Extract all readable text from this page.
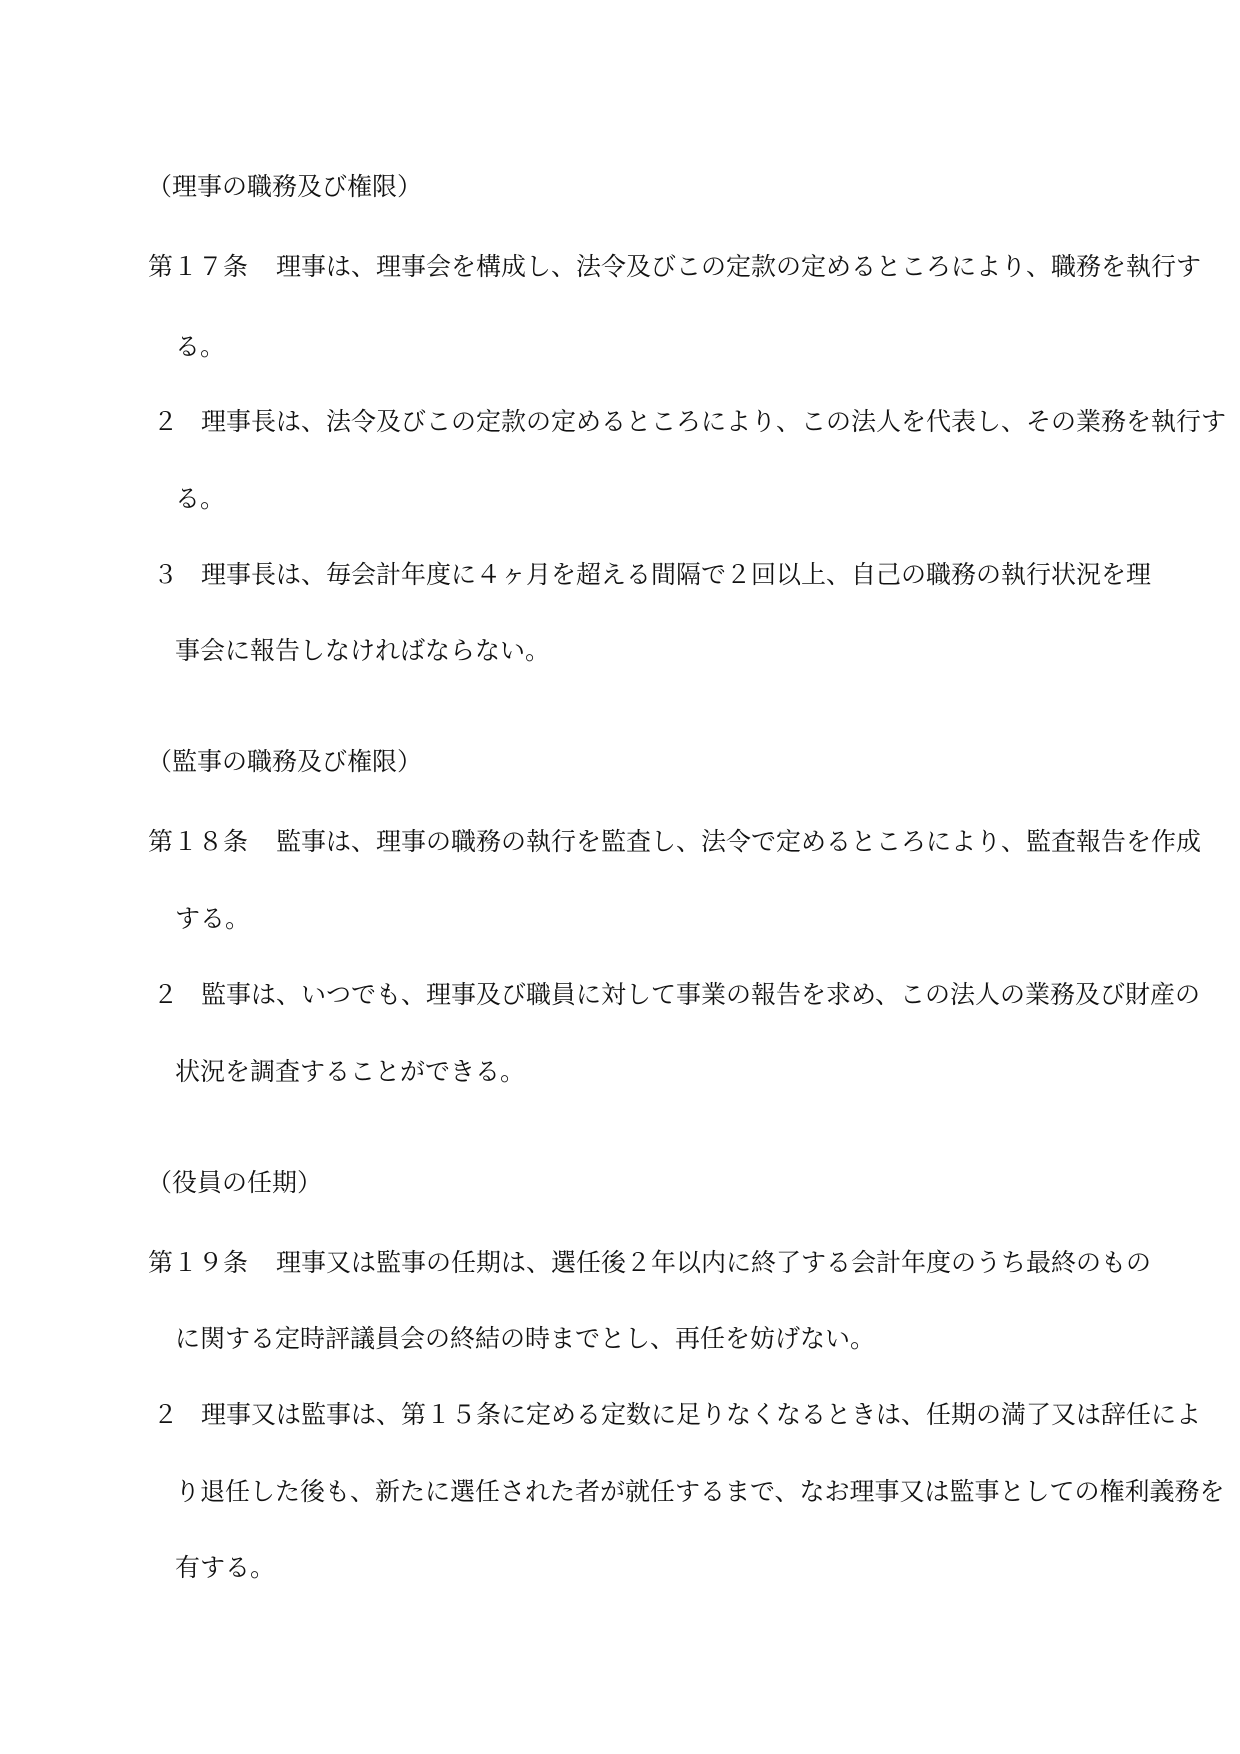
（理事の職務及び権限）
第１７条 理事は、理事会を構成し、法令及びこの定款の定めるところにより、職務を執行す
る。
２ 理事長は、法令及びこの定款の定めるところにより、この法人を代表し、その業務を執行す
る。
３ 理事長は、毎会計年度に４ヶ月を超える間隔で２回以上、自己の職務の執行状況を理
事会に報告しなければならない。
（監事の職務及び権限）
第１８条 監事は、理事の職務の執行を監査し、法令で定めるところにより、監査報告を作成
する。
２ 監事は、いつでも、理事及び職員に対して事業の報告を求め、この法人の業務及び財産の
状況を調査することができる。
（役員の任期）
第１９条 理事又は監事の任期は、選任後２年以内に終了する会計年度のうち最終のもの
に関する定時評議員会の終結の時までとし、再任を妨げない。
２ 理事又は監事は、第１５条に定める定数に足りなくなるときは、任期の満了又は辞任によ
り退任した後も、新たに選任された者が就任するまで、なお理事又は監事としての権利義務を
有する。
